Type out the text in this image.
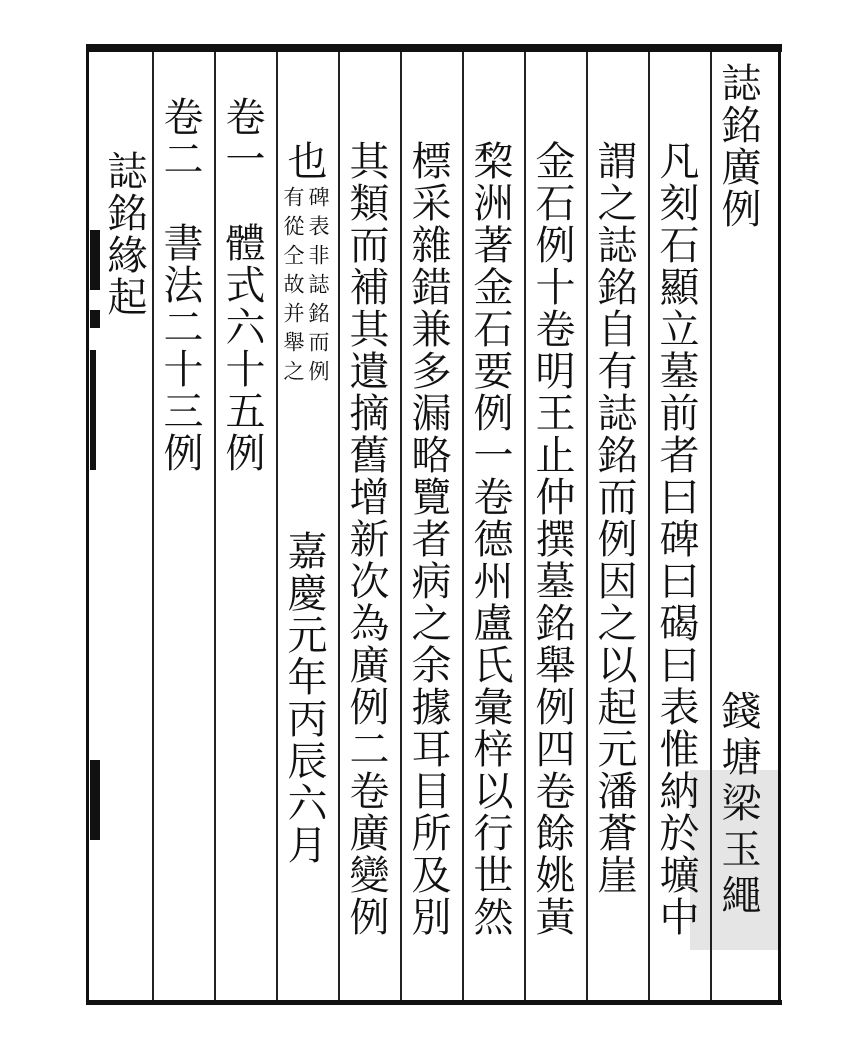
誌銘廣例
錢塘梁玉繩
凡刻石顯立墓前者曰碑曰碣曰表惟納於壙中
謂之誌銘自有誌銘而例因之以起元潘蒼崖
金石例十卷明王止仲撰墓銘舉例四卷餘姚黃
棃洲著金石要例一卷德州盧氏彙梓以行世然
標采雜錯兼多漏略覽者病之余據耳目所及別
其類而補其遺摘舊增新次為廣例二卷廣變例
也
碑表非誌銘而例
有從仝故并舉之
嘉慶元年丙辰六月
卷一　體式六十五例
卷二　書法二十三例
誌銘緣起
